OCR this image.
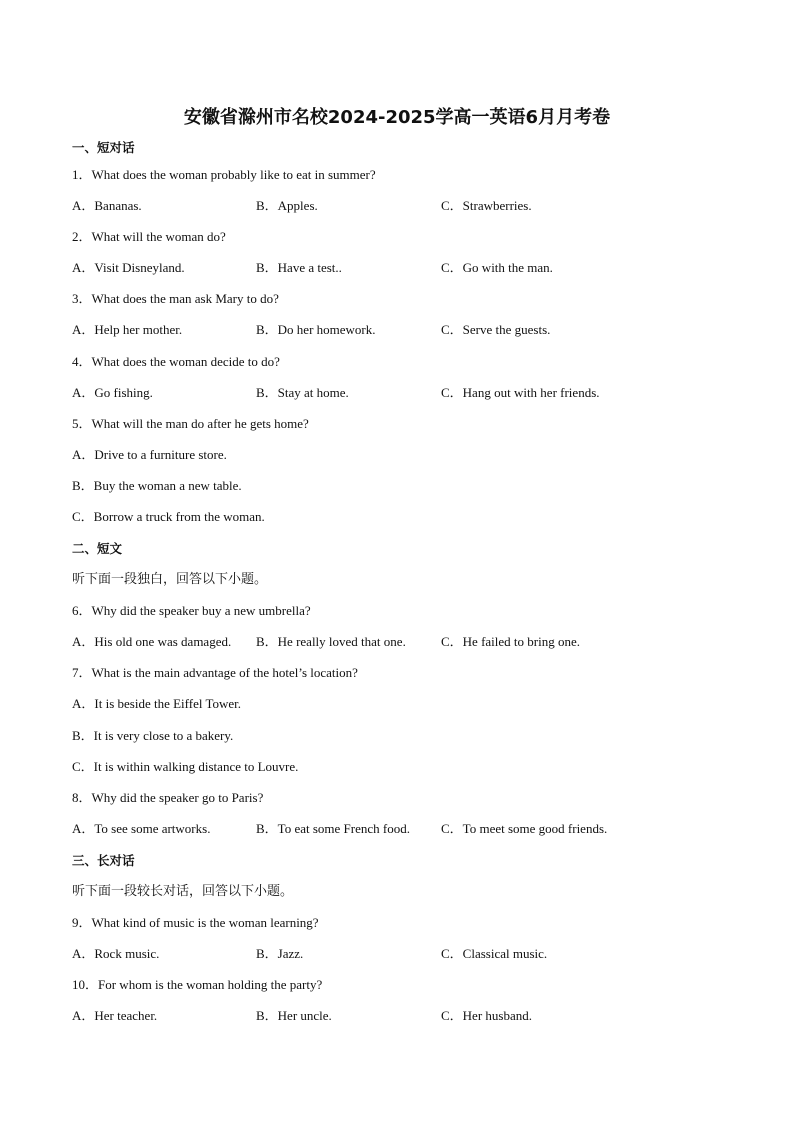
安徽省滁州市名校2024-2025学高一英语6月月考卷
一、短对话
1．What does the woman probably like to eat in summer?
A．Bananas.	B．Apples.	C．Strawberries.
2．What will the woman do?
A．Visit Disneyland.	B．Have a test..	C．Go with the man.
3．What does the man ask Mary to do?
A．Help her mother.	B．Do her homework.	C．Serve the guests.
4．What does the woman decide to do?
A．Go fishing.	B．Stay at home.	C．Hang out with her friends.
5．What will the man do after he gets home?
A．Drive to a furniture store.
B．Buy the woman a new table.
C．Borrow a truck from the woman.
二、短文
听下面一段独白，回答以下小题。
6．Why did the speaker buy a new umbrella?
A．His old one was damaged. B．He really loved that one.	C．He failed to bring one.
7．What is the main advantage of the hotel’s location?
A．It is beside the Eiffel Tower.
B．It is very close to a bakery.
C．It is within walking distance to Louvre.
8．Why did the speaker go to Paris?
A．To see some artworks.	B．To eat some French food. C．To meet some good friends.
三、长对话
听下面一段较长对话，回答以下小题。
9．What kind of music is the woman learning?
A．Rock music.	B．Jazz.	C．Classical music.
10．For whom is the woman holding the party?
A．Her teacher.	B．Her uncle.	C．Her husband.
